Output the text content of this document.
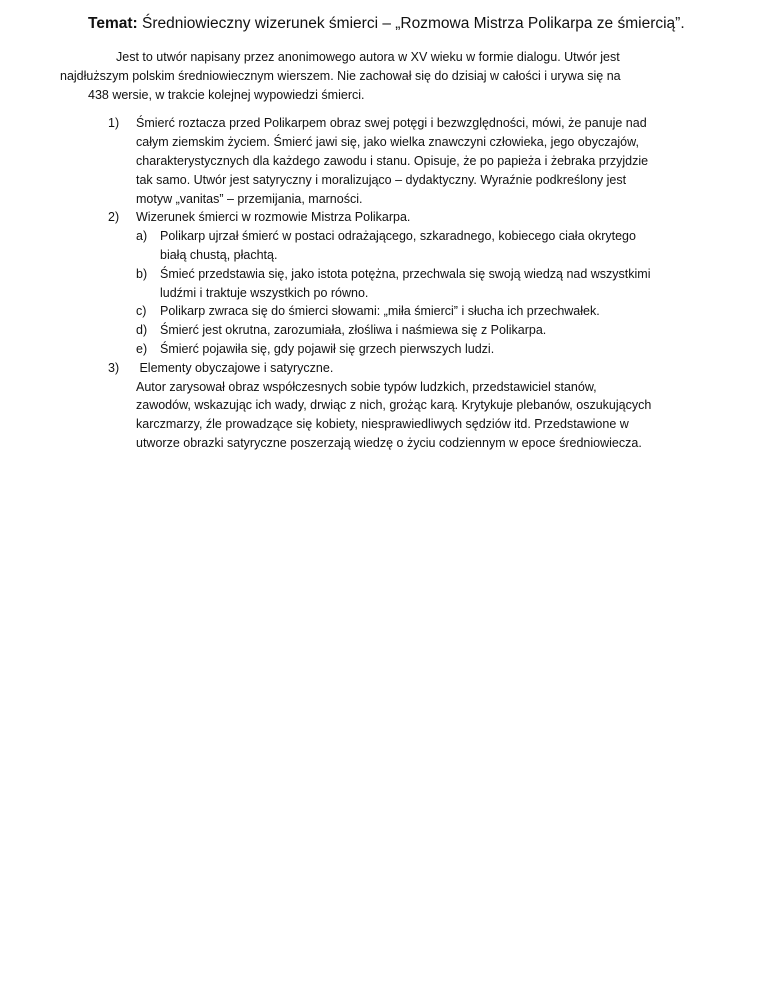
Temat: Średniowieczny wizerunek śmierci – „Rozmowa Mistrza Polikarpa ze śmiercią”.
Jest to utwór napisany przez anonimowego autora w XV wieku w formie dialogu. Utwór jest
najdłuższym polskim średniowiecznym wierszem. Nie zachował się do dzisiaj w całości i urywa się na
438 wersie, w trakcie kolejnej wypowiedzi śmierci.
1) Śmierć roztacza przed Polikarpem obraz swej potęgi i bezwzględności, mówi, że panuje nad
całym ziemskim życiem. Śmierć jawi się, jako wielka znawczyni człowieka, jego obyczajów,
charakterystycznych dla każdego zawodu i stanu. Opisuje, że po papieża i żebraka przyjdzie
tak samo. Utwór jest satyryczny i moralizująco – dydaktyczny. Wyraźnie podkreślony jest
motyw „vanitas” – przemijania, marności.
2) Wizerunek śmierci w rozmowie Mistrza Polikarpa.
a) Polikarp ujrzał śmierć w postaci odrażającego, szkaradnego, kobiecego ciała okrytego
białą chustą, płachtą.
b) Śmieć przedstawia się, jako istota potężna, przechwala się swoją wiedzą nad wszystkimi
ludźmi i traktuje wszystkich po równo.
c) Polikarp zwraca się do śmierci słowami: „miła śmierci” i słucha ich przechwałek.
d) Śmierć jest okrutna, zarozumiała, złośliwa i naśmiewa się z Polikarpa.
e) Śmierć pojawiła się, gdy pojawił się grzech pierwszych ludzi.
3) Elementy obyczajowe i satyryczne.
Autor zarysował obraz współczesnych sobie typów ludzkich, przedstawiciel stanów,
zawodów, wskazując ich wady, drwiąc z nich, grożąc karą. Krytykuje plebanów, oszukujących
karczmarzy, źle prowadzące się kobiety, niesprawiedliwych sędziów itd. Przedstawione w
utworze obrazki satyryczne poszerzają wiedzę o życiu codziennym w epoce średniowiecza.
